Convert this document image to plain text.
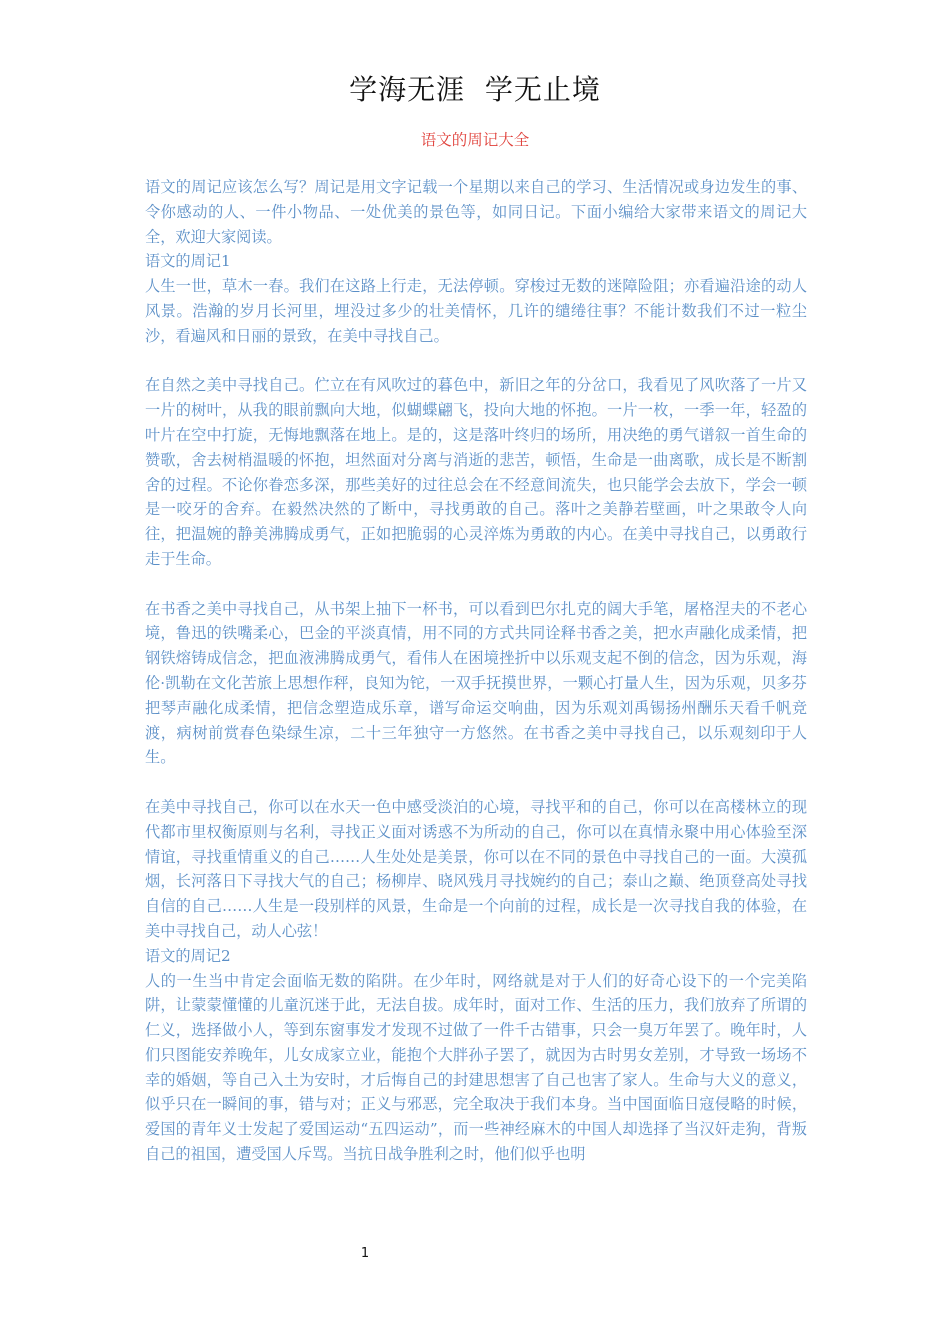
学海无涯  学无止境
语文的周记大全

语文的周记应该怎么写？周记是用文字记载一个星期以来自己的学习、生活情况或身边发生的事、令你感动的人、一件小物品、一处优美的景色等，如同日记。下面小编给大家带来语文的周记大全，欢迎大家阅读。

语文的周记1

人生一世，草木一春。我们在这路上行走，无法停顿。穿梭过无数的迷障险阻；亦看遍沿途的动人风景。浩瀚的岁月长河里，埋没过多少的壮美情怀，几许的缱绻往事？不能计数我们不过一粒尘沙，看遍风和日丽的景致，在美中寻找自己。

在自然之美中寻找自己。伫立在有风吹过的暮色中，新旧之年的分岔口，我看见了风吹落了一片又一片的树叶，从我的眼前飘向大地，似蝴蝶翩飞，投向大地的怀抱。一片一枚，一季一年，轻盈的叶片在空中打旋，无悔地飘落在地上。是的，这是落叶终归的场所，用决绝的勇气谱叙一首生命的赞歌，舍去树梢温暖的怀抱，坦然面对分离与消逝的悲苦，顿悟，生命是一曲离歌，成长是不断割舍的过程。不论你眷恋多深，那些美好的过往总会在不经意间流失，也只能学会去放下，学会一顿是一咬牙的舍弃。在毅然决然的了断中，寻找勇敢的自己。落叶之美静若壁画，叶之果敢令人向往，把温婉的静美沸腾成勇气，正如把脆弱的心灵淬炼为勇敢的内心。在美中寻找自己，以勇敢行走于生命。

在书香之美中寻找自己，从书架上抽下一杯书，可以看到巴尔扎克的阔大手笔，屠格涅夫的不老心境，鲁迅的铁嘴柔心，巴金的平淡真情，用不同的方式共同诠释书香之美，把水声融化成柔情，把钢铁熔铸成信念，把血液沸腾成勇气，看伟人在困境挫折中以乐观支起不倒的信念，因为乐观，海伦·凯勒在文化苦旅上思想作秤，良知为铊，一双手抚摸世界，一颗心打量人生，因为乐观，贝多芬把琴声融化成柔情，把信念塑造成乐章，谱写命运交响曲，因为乐观刘禹锡扬州酬乐天看千帆竞渡，病树前赏春色染绿生凉，二十三年独守一方悠然。在书香之美中寻找自己，以乐观刻印于人生。

在美中寻找自己，你可以在水天一色中感受淡泊的心境，寻找平和的自己，你可以在高楼林立的现代都市里权衡原则与名利，寻找正义面对诱惑不为所动的自己，你可以在真情永聚中用心体验至深情谊，寻找重情重义的自己……人生处处是美景，你可以在不同的景色中寻找自己的一面。大漠孤烟，长河落日下寻找大气的自己；杨柳岸、晓风残月寻找婉约的自己；泰山之巅、绝顶登高处寻找自信的自己……人生是一段别样的风景，生命是一个向前的过程，成长是一次寻找自我的体验，在美中寻找自己，动人心弦！

语文的周记2

人的一生当中肯定会面临无数的陷阱。在少年时，网络就是对于人们的好奇心设下的一个完美陷阱，让蒙蒙懂懂的儿童沉迷于此，无法自拔。成年时，面对工作、生活的压力，我们放弃了所谓的仁义，选择做小人，等到东窗事发才发现不过做了一件千古错事，只会一臭万年罢了。晚年时，人们只图能安养晚年，儿女成家立业，能抱个大胖孙子罢了，就因为古时男女差别，才导致一场场不幸的婚姻，等自己入土为安时，才后悔自己的封建思想害了自己也害了家人。生命与大义的意义，似乎只在一瞬间的事，错与对；正义与邪恶，完全取决于我们本身。当中国面临日寇侵略的时候，爱国的青年义士发起了爱国运动“五四运动”，而一些神经麻木的中国人却选择了当汉奸走狗，背叛自己的祖国，遭受国人斥骂。当抗日战争胜利之时，他们似乎也明

1
